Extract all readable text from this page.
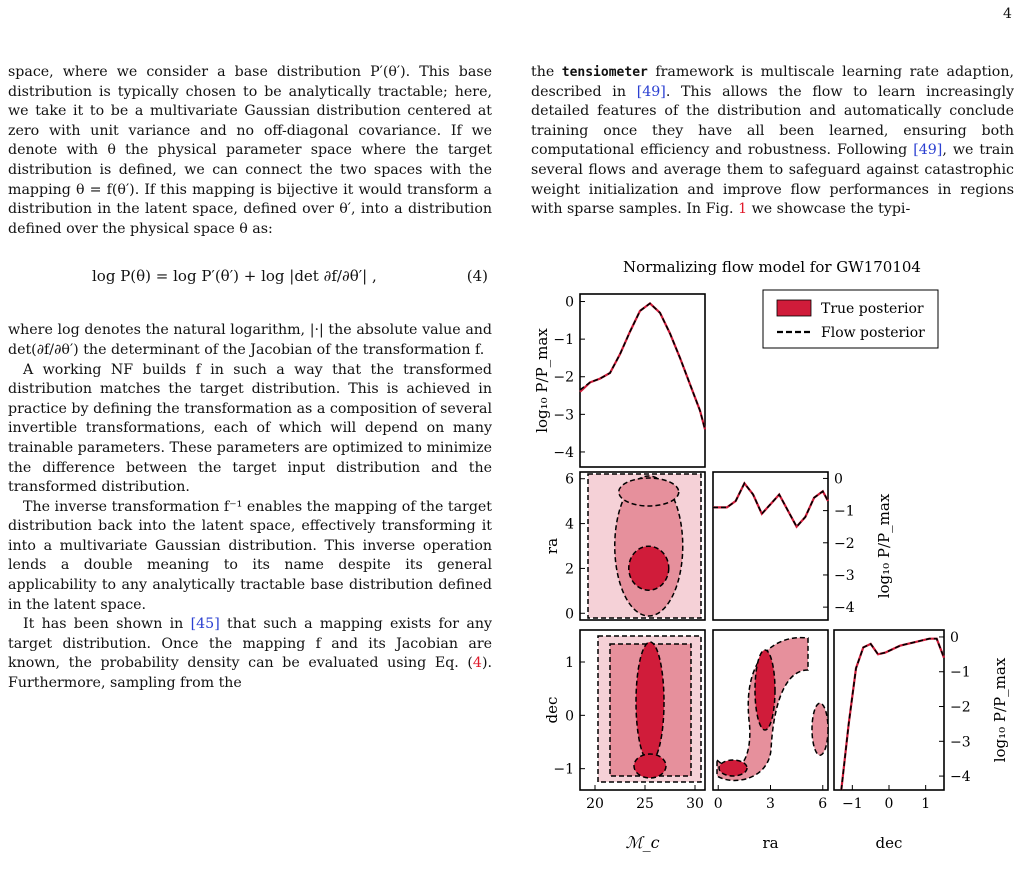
4

space, where we consider a base distribution P′(θ′). This base distribution is typically chosen to be analytically tractable; here, we take it to be a multivariate Gaussian distribution centered at zero with unit variance and no off-diagonal covariance. If we denote with θ the physical parameter space where the target distribution is defined, we can connect the two spaces with the mapping θ = f(θ′). If this mapping is bijective it would transform a distribution in the latent space, defined over θ′, into a distribution defined over the physical space θ as:

log P(θ) = log P′(θ′) + log |det ∂f/∂θ′| ,	(4)

where log denotes the natural logarithm, |·| the absolute value and det(∂f/∂θ′) the determinant of the Jacobian of the transformation f.

A working NF builds f in such a way that the transformed distribution matches the target distribution. This is achieved in practice by defining the transformation as a composition of several invertible transformations, each of which will depend on many trainable parameters. These parameters are optimized to minimize the difference between the target input distribution and the transformed distribution.

The inverse transformation f⁻¹ enables the mapping of the target distribution back into the latent space, effectively transforming it into a multivariate Gaussian distribution. This inverse operation lends a double meaning to its name despite its general applicability to any analytically tractable base distribution defined in the latent space.

It has been shown in [45] that such a mapping exists for any target distribution. Once the mapping f and its Jacobian are known, the probability density can be evaluated using Eq. (4). Furthermore, sampling from the

the tensiometer framework is multiscale learning rate adaption, described in [49]. This allows the flow to learn increasingly detailed features of the distribution and automatically conclude training once they have all been learned, ensuring both computational efficiency and robustness. Following [49], we train several flows and average them to safeguard against catastrophic weight initialization and improve flow performances in regions with sparse samples. In Fig. 1 we showcase the typi-

Normalizing flow model for GW170104
0
−1
−2
−3
−4
log₁₀ P/P_max
0
−1
−2
−3
−4
log₁₀ P/P_max
0
−1
−2
−3
−4
log₁₀ P/P_max
−1 0 1
6
4
2
0
ra
1
0
−1
dec
20 25 30 0	3	6
True posterior
Flow posterior
ℳ_c	ra	dec
